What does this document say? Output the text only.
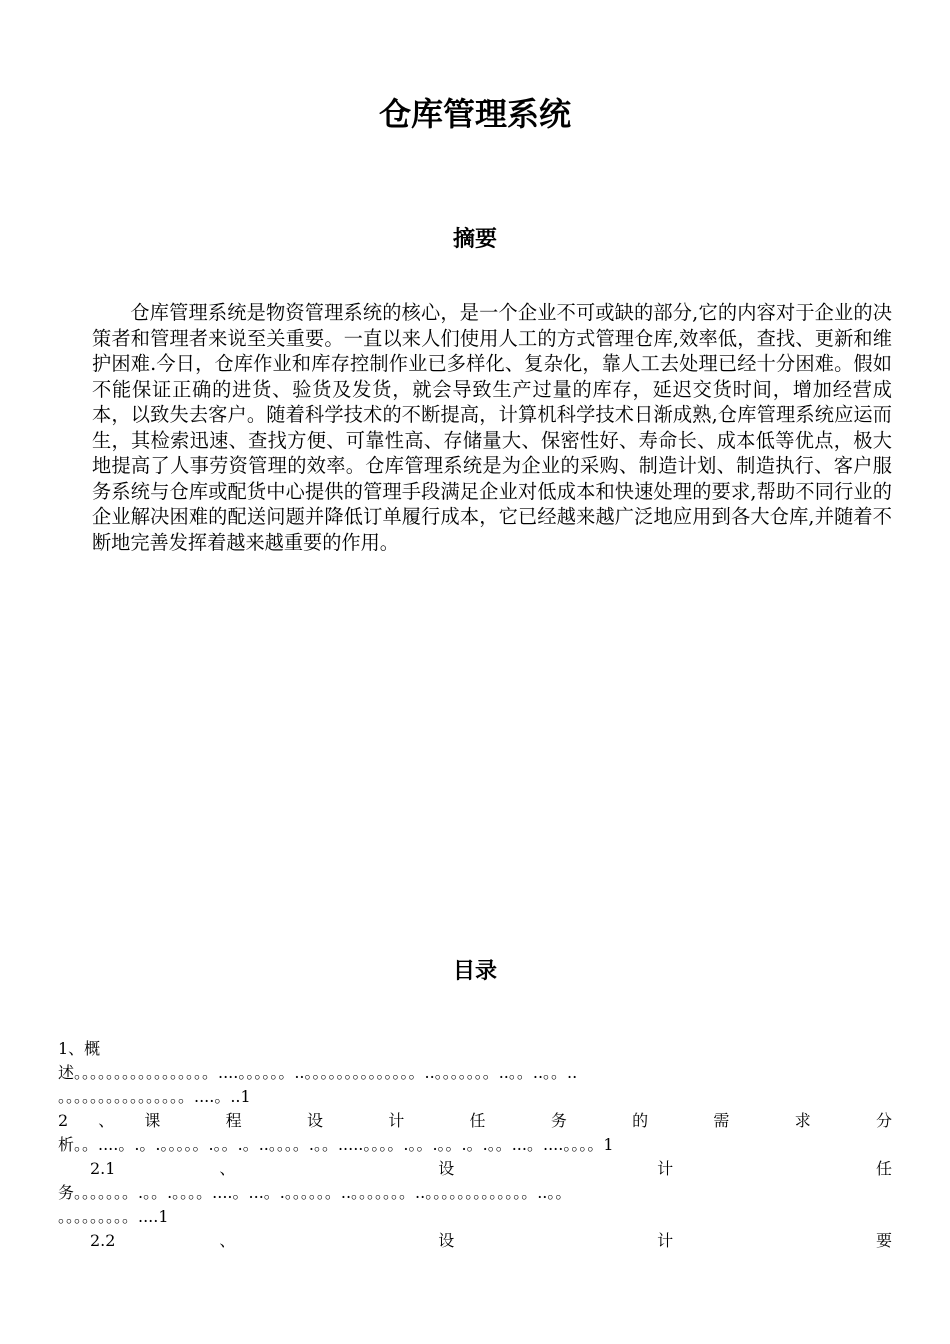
仓库管理系统
摘要

仓库管理系统是物资管理系统的核心，是一个企业不可或缺的部分,它的内容对于企业的决策者和管理者来说至关重要。一直以来人们使用人工的方式管理仓库,效率低，查找、更新和维护困难.今日，仓库作业和库存控制作业已多样化、复杂化，靠人工去处理已经十分困难。假如不能保证正确的进货、验货及发货，就会导致生产过量的库存，延迟交货时间，增加经营成本，以致失去客户。随着科学技术的不断提高，计算机科学技术日渐成熟,仓库管理系统应运而生，其检索迅速、查找方便、可靠性高、存储量大、保密性好、寿命长、成本低等优点，极大地提高了人事劳资管理的效率。仓库管理系统是为企业的采购、制造计划、制造执行、客户服务系统与仓库或配货中心提供的管理手段满足企业对低成本和快速处理的要求,帮助不同行业的企业解决困难的配送问题并降低订单履行成本，它已经越来越广泛地应用到各大仓库,并随着不断地完善发挥着越来越重要的作用。

目录
1、概
述。。。。。。。。。。。。。。。。。....。。。。。。..。。。。。。。。。。。。。。..。。。。。。。..。。..。。..
。。。。。。。。。。。。。。。。....。..1
2、课 程 设 计 任 务 的 需 求 分
析。。....。.。.。。。。。.。。.。..。。。。.。。.....。。。。.。。.。。.。.。。...。....。。。。1
2.1 、 设 计 任
务。。。。。。。.。。.。。。。....。...。.。。。。。。..。。。。。。。..。。。。。。。。。。。。。..。。
。。。。。。。。。....1
2.2 、 设 计 要
